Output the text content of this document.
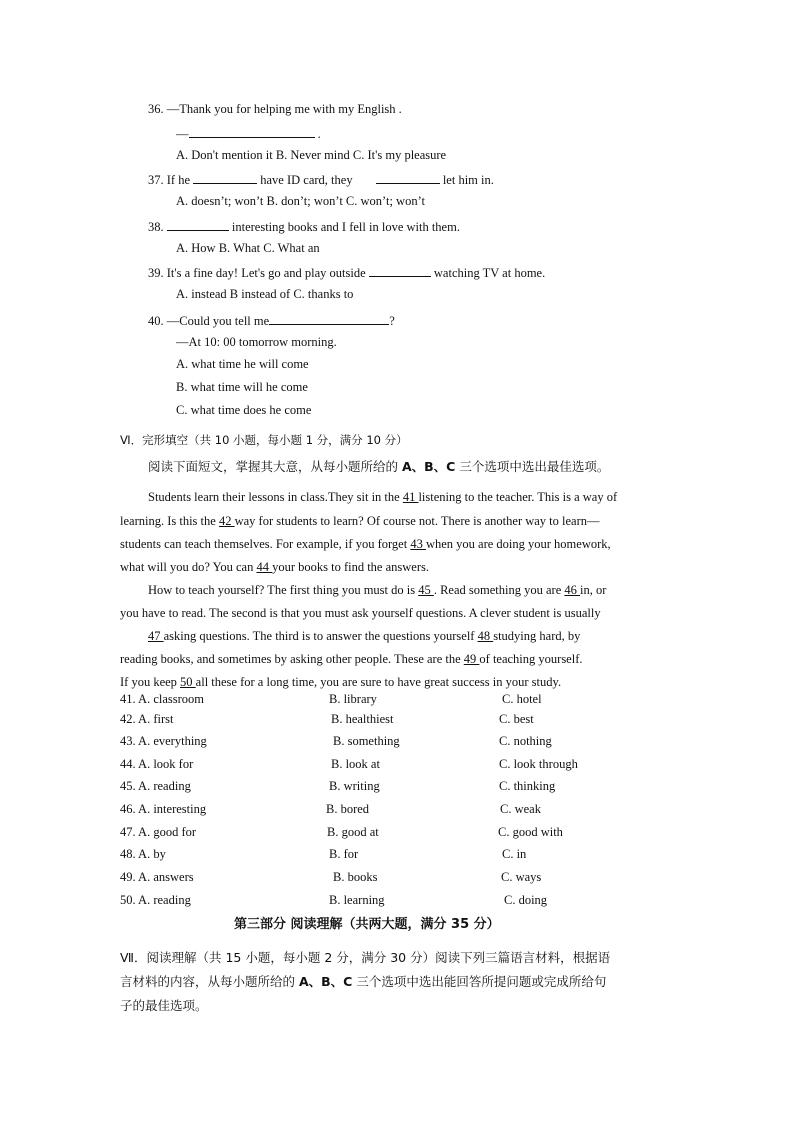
36. —Thank you for helping me with my English .
—	.
A. Don't mention it B. Never mind C. It's my pleasure
37. If he	have ID card, they	let him in.
A. doesn’t; won’t B. don’t; won’t C. won’t; won’t
38.	interesting books and I fell in love with them.
A. How B. What C. What an
39. It's a fine day! Let's go and play outside	watching TV at home.
A. instead B instead of C. thanks to
40. —Could you tell me	?
—At 10: 00 tomorrow morning.
A. what time he will come
B. what time will he come
C. what time does he come
Ⅵ．完形填空（共 10 小题，每小题 1 分，满分 10 分）
阅读下面短文，掌握其大意，从每小题所给的 A、B、C 三个选项中选出最佳选项。
Students learn their lessons in class.They sit in the 41 listening to the teacher. This is a way of
learning. Is this the 42 way for students to learn? Of course not. There is another way to learn—
students can teach themselves. For example, if you forget 43 when you are doing your homework,
what will you do? You can 44 your books to find the answers.
How to teach yourself? The first thing you must do is 45 . Read something you are 46 in, or
you have to read. The second is that you must ask yourself questions. A clever student is usually
47 asking questions. The third is to answer the questions yourself 48 studying hard, by
reading books, and sometimes by asking other people. These are the 49 of teaching yourself.
If you keep 50 all these for a long time, you are sure to have great success in your study.
41. A. classroom	B. library	C. hotel
42. A. first	B. healthiest	C. best
43. A. everything	B. something	C. nothing
44. A. look for	B. look at	C. look through
45. A. reading	B. writing	C. thinking
46. A. interesting	B. bored	C. weak
47. A. good for	B. good at	C. good with
48. A. by	B. for	C. in
49. A. answers	B. books	C. ways
50. A. reading	B. learning	C. doing
第三部分 阅读理解（共两大题，满分 35 分）
Ⅶ．阅读理解（共 15 小题，每小题 2 分，满分 30 分）阅读下列三篇语言材料，根据语
言材料的内容，从每小题所给的 A、B、C 三个选项中选出能回答所提问题或完成所给句
子的最佳选项。
